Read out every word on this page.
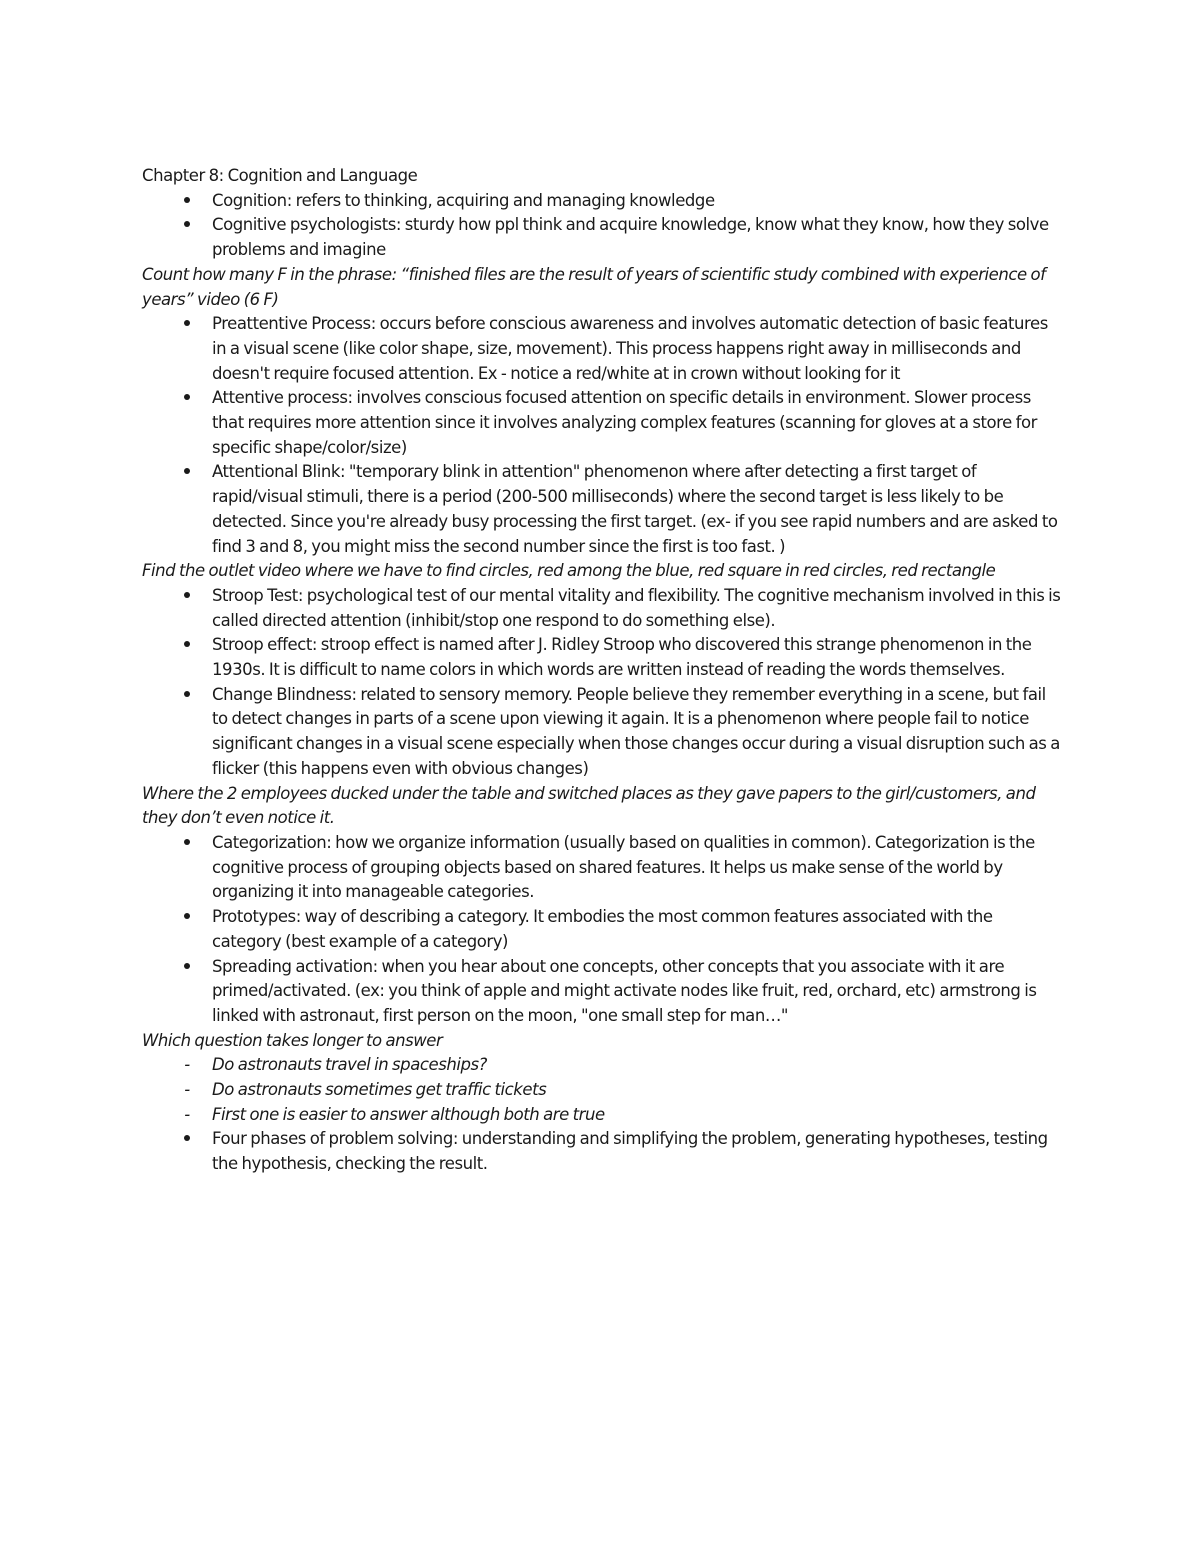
Chapter 8: Cognition and Language

Cognition: refers to thinking, acquiring and managing knowledge
Cognitive psychologists: sturdy how ppl think and acquire knowledge, know what they know, how they solve problems and imagine

Count how many F in the phrase: “finished files are the result of years of scientific study combined with experience of years” video (6 F)

Preattentive Process: occurs before conscious awareness and involves automatic detection of basic features in a visual scene (like color shape, size, movement). This process happens right away in milliseconds and doesn't require focused attention. Ex - notice a red/white at in crown without looking for it
Attentive process: involves conscious focused attention on specific details in environment. Slower process that requires more attention since it involves analyzing complex features (scanning for gloves at a store for specific shape/color/size)
Attentional Blink: "temporary blink in attention" phenomenon where after detecting a first target of rapid/visual stimuli, there is a period (200-500 milliseconds) where the second target is less likely to be detected. Since you're already busy processing the first target. (ex- if you see rapid numbers and are asked to find 3 and 8, you might miss the second number since the first is too fast. )

Find the outlet video where we have to find circles, red among the blue, red square in red circles, red rectangle

Stroop Test: psychological test of our mental vitality and flexibility. The cognitive mechanism involved in this is called directed attention (inhibit/stop one respond to do something else).
Stroop effect: stroop effect is named after J. Ridley Stroop who discovered this strange phenomenon in the 1930s. It is difficult to name colors in which words are written instead of reading the words themselves.
Change Blindness: related to sensory memory. People believe they remember everything in a scene, but fail to detect changes in parts of a scene upon viewing it again. It is a phenomenon where people fail to notice significant changes in a visual scene especially when those changes occur during a visual disruption such as a flicker (this happens even with obvious changes)

Where the 2 employees ducked under the table and switched places as they gave papers to the girl/customers, and they don’t even notice it.

Categorization: how we organize information (usually based on qualities in common). Categorization is the cognitive process of grouping objects based on shared features. It helps us make sense of the world by organizing it into manageable categories.
Prototypes: way of describing a category. It embodies the most common features associated with the category (best example of a category)
Spreading activation: when you hear about one concepts, other concepts that you associate with it are primed/activated. (ex: you think of apple and might activate nodes like fruit, red, orchard, etc) armstrong is linked with astronaut, first person on the moon, "one small step for man…"

Which question takes longer to answer

-
Do astronauts travel in spaceships?
-
Do astronauts sometimes get traffic tickets
-
First one is easier to answer although both are true
Four phases of problem solving: understanding and simplifying the problem, generating hypotheses, testing the hypothesis, checking the result.
